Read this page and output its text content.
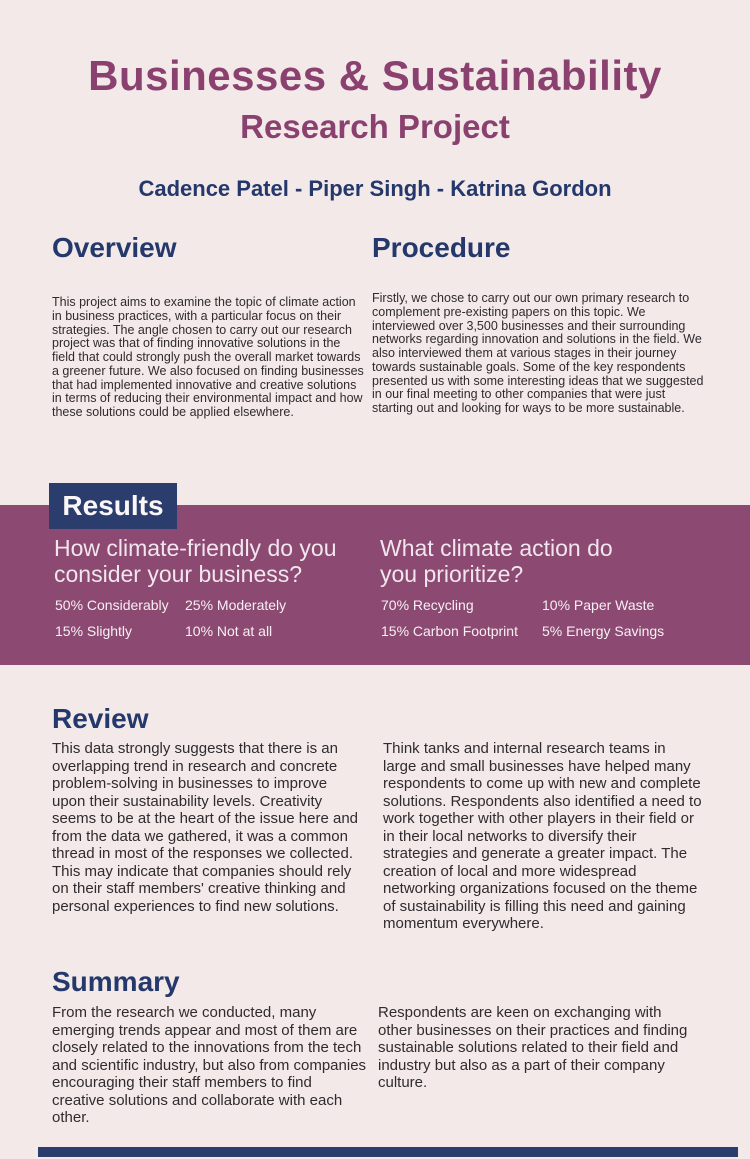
Businesses & Sustainability
Research Project
Cadence Patel - Piper Singh - Katrina Gordon
Overview

This project aims to examine the topic of climate action in business practices, with a particular focus on their strategies. The angle chosen to carry out our research project was that of finding innovative solutions in the field that could strongly push the overall market towards a greener future. We also focused on finding businesses that had implemented innovative and creative solutions in terms of reducing their environmental impact and how these solutions could be applied elsewhere.

Procedure

Firstly, we chose to carry out our own primary research to complement pre-existing papers on this topic. We interviewed over 3,500 businesses and their surrounding networks regarding innovation and solutions in the field. We also interviewed them at various stages in their journey towards sustainable goals. Some of the key respondents presented us with some interesting ideas that we suggested in our final meeting to other companies that were just starting out and looking for ways to be more sustainable.

Results
How climate-friendly do you consider your business?
50% Considerably	25% Moderately
15% Slightly	10% Not at all
What climate action do you prioritize?
70% Recycling	10% Paper Waste
15% Carbon Footprint	5% Energy Savings
Review

This data strongly suggests that there is an overlapping trend in research and concrete problem-solving in businesses to improve upon their sustainability levels. Creativity seems to be at the heart of the issue here and from the data we gathered, it was a common thread in most of the responses we collected. This may indicate that companies should rely on their staff members' creative thinking and personal experiences to find new solutions.

Think tanks and internal research teams in large and small businesses have helped many respondents to come up with new and complete solutions. Respondents also identified a need to work together with other players in their field or in their local networks to diversify their strategies and generate a greater impact. The creation of local and more widespread networking organizations focused on the theme of sustainability is filling this need and gaining momentum everywhere.

Summary

From the research we conducted, many emerging trends appear and most of them are closely related to the innovations from the tech and scientific industry, but also from companies encouraging their staff members to find creative solutions and collaborate with each other.

Respondents are keen on exchanging with other businesses on their practices and finding sustainable solutions related to their field and industry but also as a part of their company culture.
